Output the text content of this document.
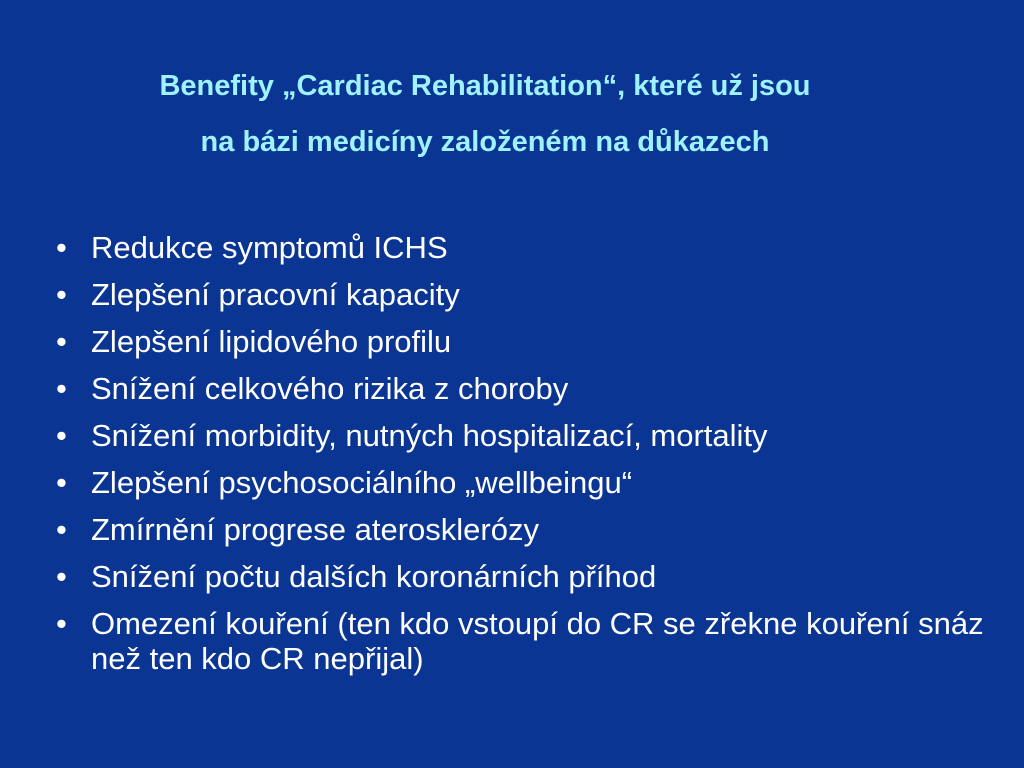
Benefity „Cardiac Rehabilitation“, které už jsou
na bázi medicíny založeném na důkazech
• Redukce symptomů ICHS
• Zlepšení pracovní kapacity
• Zlepšení lipidového profilu
• Snížení celkového rizika z choroby
• Snížení morbidity, nutných hospitalizací, mortality
• Zlepšení psychosociálního „wellbeingu“
• Zmírnění progrese aterosklerózy
• Snížení počtu dalších koronárních příhod
• Omezení kouření (ten kdo vstoupí do CR se zřekne kouření snáz než ten kdo CR nepřijal)
